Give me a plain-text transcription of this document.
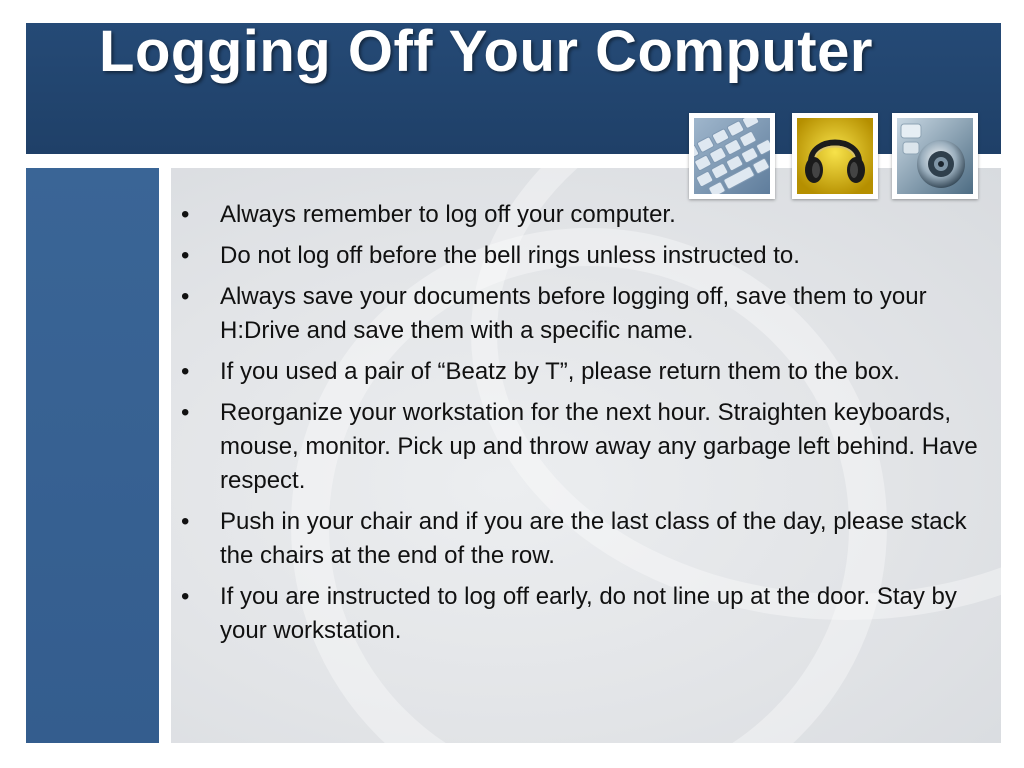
Logging Off Your Computer
• Always remember to log off your computer.
• Do not log off before the bell rings unless instructed to.
• Always save your documents before logging off, save them to your H:Drive and save them with a specific name.
• If you used a pair of “Beatz by T”, please return them to the box.
• Reorganize your workstation for the next hour. Straighten keyboards, mouse, monitor. Pick up and throw away any garbage left behind. Have respect.
• Push in your chair and if you are the last class of the day, please stack the chairs at the end of the row.
• If you are instructed to log off early, do not line up at the door. Stay by your workstation.
